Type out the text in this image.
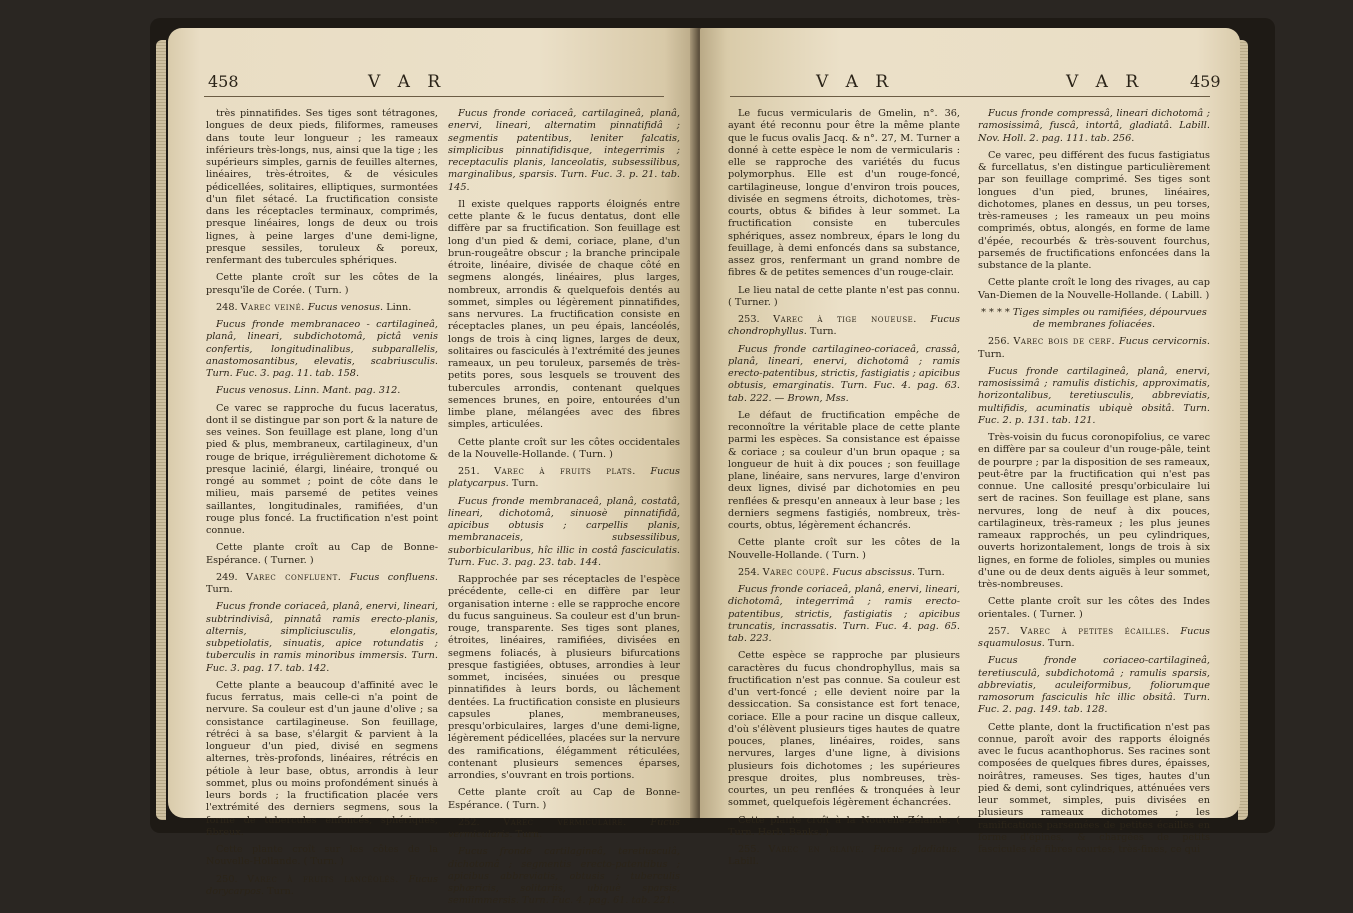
458	V A R

très pinnatifides. Ses tiges sont tétragones, longues de deux pieds, filiformes, rameuses dans toute leur longueur ; les rameaux inférieurs très-longs, nus, ainsi que la tige ; les supérieurs simples, garnis de feuilles alternes, linéaires, très-étroites, & de vésicules pédicellées, solitaires, elliptiques, surmontées d'un filet sétacé. La fructification consiste dans les réceptacles terminaux, comprimés, presque linéaires, longs de deux ou trois lignes, à peine larges d'une demi-ligne, presque sessiles, toruleux & poreux, renfermant des tubercules sphériques.

Cette plante croît sur les côtes de la presqu'île de Corée. ( Turn. )

248. Varec veiné. Fucus venosus. Linn.

Fucus fronde membranaceo - cartilagineâ, planâ, lineari, subdichotomâ, pictâ venis confertis, longitudinalibus, subparallelis, anastomosantibus, elevatis, scabriusculis. Turn. Fuc. 3. pag. 11. tab. 158.

Fucus venosus. Linn. Mant. pag. 312.

Ce varec se rapproche du fucus laceratus, dont il se distingue par son port & la nature de ses veines. Son feuillage est plane, long d'un pied & plus, membraneux, cartilagineux, d'un rouge de brique, irrégulièrement dichotome & presque lacinié, élargi, linéaire, tronqué ou rongé au sommet ; point de côte dans le milieu, mais parsemé de petites veines saillantes, longitudinales, ramifiées, d'un rouge plus foncé. La fructification n'est point connue.

Cette plante croît au Cap de Bonne-Espérance. ( Turner. )

249. Varec confluent. Fucus confluens. Turn.

Fucus fronde coriaceâ, planâ, enervi, lineari, subtrindivisâ, pinnatâ ramis erecto-planis, alternis, simpliciusculis, elongatis, subpetiolatis, sinuatis, apice rotundatis ; tuberculis in ramis minoribus immersis. Turn. Fuc. 3. pag. 17. tab. 142.

Cette plante a beaucoup d'affinité avec le fucus ferratus, mais celle-ci n'a point de nervure. Sa couleur est d'un jaune d'olive ; sa consistance cartilagineuse. Son feuillage, rétréci à sa base, s'élargit & parvient à la longueur d'un pied, divisé en segmens alternes, très-profonds, linéaires, rétrécis en pétiole à leur base, obtus, arrondis à leur sommet, plus ou moins profondément sinués à leurs bords ; la fructification placée vers l'extrémité des derniers segmens, sous la forme de tubercules enfoncés, sphériques, fibreux.

Cette plante croît sur les côtes de la Nouvelle-Hollande. ( Turn. )

250. Varec à fruits lancéolés. Fucus dorycarpos. Turn.

Fucus fronde coriaceâ, cartilagineâ, planâ, enervi, lineari, alternatim pinnatifidâ ; segmentis patentibus, leniter falcatis, simplicibus pinnatifidisque, integerrimis ; receptaculis planis, lanceolatis, subsessilibus, marginalibus, sparsis. Turn. Fuc. 3. p. 21. tab. 145.

Il existe quelques rapports éloignés entre cette plante & le fucus dentatus, dont elle diffère par sa fructification. Son feuillage est long d'un pied & demi, coriace, plane, d'un brun-rougeâtre obscur ; la branche principale étroite, linéaire, divisée de chaque côté en segmens alongés, linéaires, plus larges, nombreux, arrondis & quelquefois dentés au sommet, simples ou légèrement pinnatifides, sans nervures. La fructification consiste en réceptacles planes, un peu épais, lancéolés, longs de trois à cinq lignes, larges de deux, solitaires ou fasciculés à l'extrémité des jeunes rameaux, un peu toruleux, parsemés de très-petits pores, sous lesquels se trouvent des tubercules arrondis, contenant quelques semences brunes, en poire, entourées d'un limbe plane, mélangées avec des fibres simples, articulées.

Cette plante croît sur les côtes occidentales de la Nouvelle-Hollande. ( Turn. )

251. Varec à fruits plats. Fucus platycarpus. Turn.

Fucus fronde membranaceâ, planâ, costatâ, lineari, dichotomâ, sinuosè pinnatifidâ, apicibus obtusis ; carpellis planis, membranaceis, subsessilibus, suborbicularibus, hîc illic in costâ fasciculatis. Turn. Fuc. 3. pag. 23. tab. 144.

Rapprochée par ses réceptacles de l'espèce précédente, celle-ci en diffère par leur organisation interne : elle se rapproche encore du fucus sanguineus. Sa couleur est d'un brun-rouge, transparente. Ses tiges sont planes, étroites, linéaires, ramifiées, divisées en segmens foliacés, à plusieurs bifurcations presque fastigiées, obtuses, arrondies à leur sommet, incisées, sinuées ou presque pinnatifides à leurs bords, ou lâchement dentées. La fructification consiste en plusieurs capsules planes, membraneuses, presqu'orbiculaires, larges d'une demi-ligne, légèrement pédicellées, placées sur la nervure des ramifications, élégamment réticulées, contenant plusieurs semences éparses, arrondies, s'ouvrant en trois portions.

Cette plante croît au Cap de Bonne-Espérance. ( Turn. )

252. Varec vermiculaire. Fucus vermicularis. Turn.

Fucus fronde cartilagineâ, teretiusculâ, dichotomâ ; segmentis erecto-patentibus ; apicibus abbreviatis, obtusis ; tuberculis sphæricis, solitariis, ubiquè sparsis, semiimmersis. Turn. Fuc. 4. pag. 61. tab. 221.

V A R	V A R	459

Le fucus vermicularis de Gmelin, n°. 36, ayant été reconnu pour être la même plante que le fucus ovalis Jacq. & n°. 27, M. Turner a donné à cette espèce le nom de vermicularis : elle se rapproche des variétés du fucus polymorphus. Elle est d'un rouge-foncé, cartilagineuse, longue d'environ trois pouces, divisée en segmens étroits, dichotomes, très-courts, obtus & bifides à leur sommet. La fructification consiste en tubercules sphériques, assez nombreux, épars le long du feuillage, à demi enfoncés dans sa substance, assez gros, renfermant un grand nombre de fibres & de petites semences d'un rouge-clair.

Le lieu natal de cette plante n'est pas connu. ( Turner. )

253. Varec à tige noueuse. Fucus chondrophyllus. Turn.

Fucus fronde cartilagineo-coriaceâ, crassâ, planâ, lineari, enervi, dichotomâ ; ramis erecto-patentibus, strictis, fastigiatis ; apicibus obtusis, emarginatis. Turn. Fuc. 4. pag. 63. tab. 222. — Brown, Mss.

Le défaut de fructification empêche de reconnoître la véritable place de cette plante parmi les espèces. Sa consistance est épaisse & coriace ; sa couleur d'un brun opaque ; sa longueur de huit à dix pouces ; son feuillage plane, linéaire, sans nervures, large d'environ deux lignes, divisé par dichotomies en peu renflées & presqu'en anneaux à leur base ; les derniers segmens fastigiés, nombreux, très-courts, obtus, légèrement échancrés.

Cette plante croît sur les côtes de la Nouvelle-Hollande. ( Turn. )

254. Varec coupé. Fucus abscissus. Turn.

Fucus fronde coriaceâ, planâ, enervi, lineari, dichotomâ, integerrimâ ; ramis erecto-patentibus, strictis, fastigiatis ; apicibus truncatis, incrassatis. Turn. Fuc. 4. pag. 65. tab. 223.

Cette espèce se rapproche par plusieurs caractères du fucus chondrophyllus, mais sa fructification n'est pas connue. Sa couleur est d'un vert-foncé ; elle devient noire par la dessiccation. Sa consistance est fort tenace, coriace. Elle a pour racine un disque calleux, d'où s'élèvent plusieurs tiges hautes de quatre pouces, planes, linéaires, roides, sans nervures, larges d'une ligne, à divisions plusieurs fois dichotomes ; les supérieures presque droites, plus nombreuses, très-courtes, un peu renflées & tronquées à leur sommet, quelquefois légèrement échancrées.

Cette plante croît à la Nouvelle-Zélande. ( Turn. Herb. Banks. )

255. Varec en glaive. Fucus gladiatus. Labill.

Fucus fronde compressâ, lineari dichotomâ ; ramosissimâ, fuscâ, intortâ, gladiatâ. Labill. Nov. Holl. 2. pag. 111. tab. 256.

Ce varec, peu différent des fucus fastigiatus & furcellatus, s'en distingue particulièrement par son feuillage comprimé. Ses tiges sont longues d'un pied, brunes, linéaires, dichotomes, planes en dessus, un peu torses, très-rameuses ; les rameaux un peu moins comprimés, obtus, alongés, en forme de lame d'épée, recourbés & très-souvent fourchus, parsemés de fructifications enfoncées dans la substance de la plante.

Cette plante croît le long des rivages, au cap Van-Diemen de la Nouvelle-Hollande. ( Labill. )

* * * * Tiges simples ou ramifiées, dépourvues de membranes foliacées.

256. Varec bois de cerf. Fucus cervicornis. Turn.

Fucus fronde cartilagineâ, planâ, enervi, ramosissimâ ; ramulis distichis, approximatis, horizontalibus, teretiusculis, abbreviatis, multifidis, acuminatis ubiquè obsitâ. Turn. Fuc. 2. p. 131. tab. 121.

Très-voisin du fucus coronopifolius, ce varec en diffère par sa couleur d'un rouge-pâle, teint de pourpre ; par la disposition de ses rameaux, peut-être par la fructification qui n'est pas connue. Une callosité presqu'orbiculaire lui sert de racines. Son feuillage est plane, sans nervures, long de neuf à dix pouces, cartilagineux, très-rameux ; les plus jeunes rameaux rapprochés, un peu cylindriques, ouverts horizontalement, longs de trois à six lignes, en forme de folioles, simples ou munies d'une ou de deux dents aiguës à leur sommet, très-nombreuses.

Cette plante croît sur les côtes des Indes orientales. ( Turner. )

257. Varec à petites écailles. Fucus squamulosus. Turn.

Fucus fronde coriaceo-cartilagineâ, teretiusculâ, subdichotomâ ; ramulis sparsis, abbreviatis, aculeiformibus, foliorumque ramosorum fasciculis hîc illic obsitâ. Turn. Fuc. 2. pag. 149. tab. 128.

Cette plante, dont la fructification n'est pas connue, paroît avoir des rapports éloignés avec le fucus acanthophorus. Ses racines sont composées de quelques fibres dures, épaisses, noirâtres, rameuses. Ses tiges, hautes d'un pied & demi, sont cylindriques, atténuées vers leur sommet, simples, puis divisées en plusieurs rameaux dichotomes ; les ramifications parsemées de petites écailles en forme d'épines, & chargées de petits fascicules de fibres courtes, très-fines, ce qui
